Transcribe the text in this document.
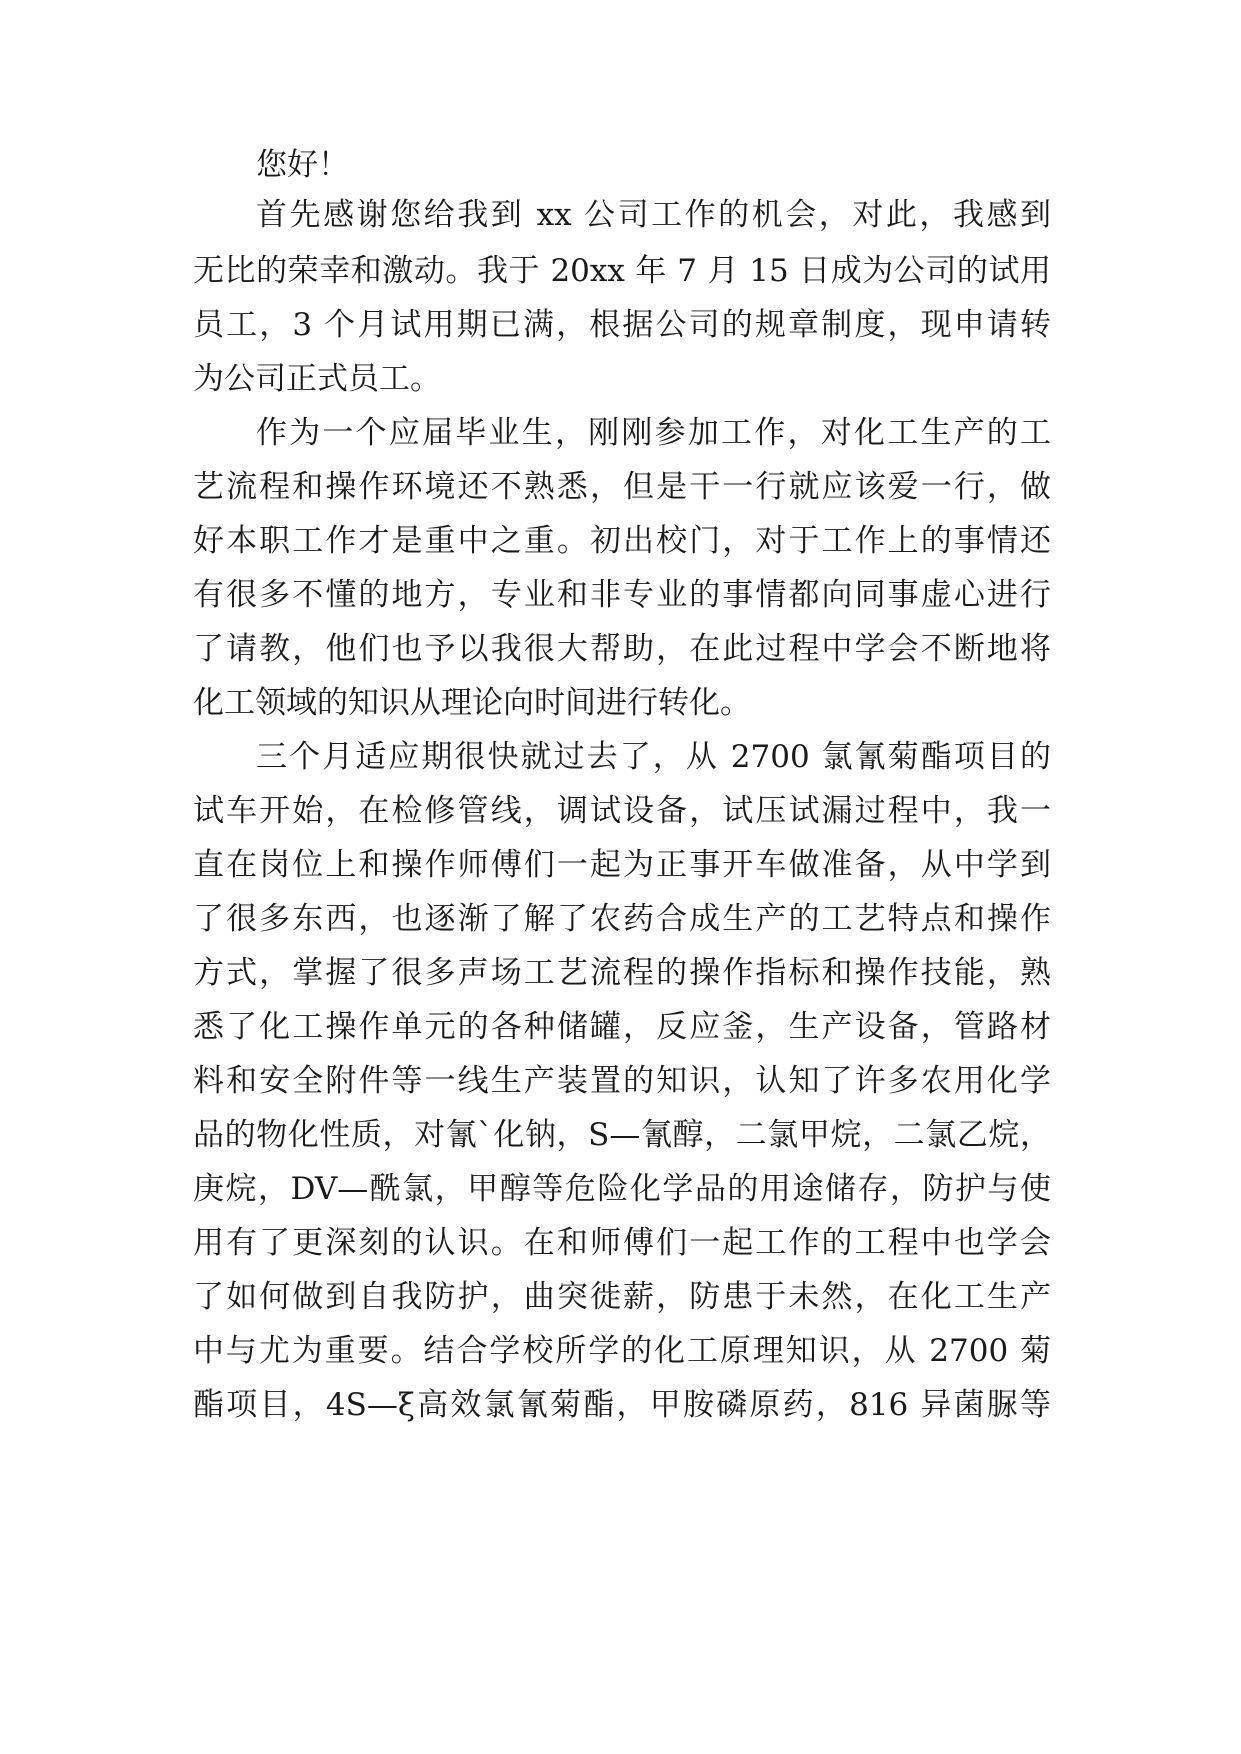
您好！
首先感谢您给我到 xx 公司工作的机会，对此，我感到
无比的荣幸和激动。我于 20xx 年 7 月 15 日成为公司的试用
员工，3 个月试用期已满，根据公司的规章制度，现申请转
为公司正式员工。
作为一个应届毕业生，刚刚参加工作，对化工生产的工
艺流程和操作环境还不熟悉，但是干一行就应该爱一行，做
好本职工作才是重中之重。初出校门，对于工作上的事情还
有很多不懂的地方，专业和非专业的事情都向同事虚心进行
了请教，他们也予以我很大帮助，在此过程中学会不断地将
化工领域的知识从理论向时间进行转化。
三个月适应期很快就过去了，从 2700 氯氰菊酯项目的
试车开始，在检修管线，调试设备，试压试漏过程中，我一
直在岗位上和操作师傅们一起为正事开车做准备，从中学到
了很多东西，也逐渐了解了农药合成生产的工艺特点和操作
方式，掌握了很多声场工艺流程的操作指标和操作技能，熟
悉了化工操作单元的各种储罐，反应釜，生产设备，管路材
料和安全附件等一线生产装置的知识，认知了许多农用化学
品的物化性质，对氰`化钠，S—氰醇，二氯甲烷，二氯乙烷，
庚烷，DV—酰氯，甲醇等危险化学品的用途储存，防护与使
用有了更深刻的认识。在和师傅们一起工作的工程中也学会
了如何做到自我防护，曲突徙薪，防患于未然，在化工生产
中与尤为重要。结合学校所学的化工原理知识，从 2700 菊
酯项目，4S—ξ高效氯氰菊酯，甲胺磷原药，816 异菌脲等
